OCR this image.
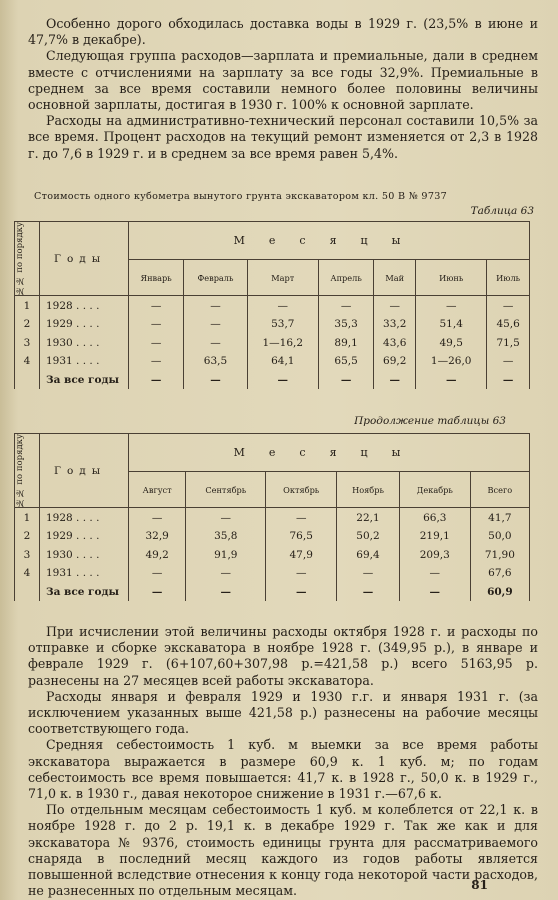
Особенно дорого обходилась доставка воды в 1929 г. (23,5% в июне и 47,7% в декабре).

Следующая группа расходов—зарплата и премиальные, дали в среднем вместе с отчислениями на зарплату за все годы 32,9%. Премиальные в среднем за все время составили немного более половины величины основной зарплаты, достигая в 1930 г. 100% к основной зарплате.

Расходы на административно-технический персонал составили 10,5% за все время. Процент расходов на текущий ремонт изменяется от 2,3 в 1928 г. до 7,6 в 1929 г. и в среднем за все время равен 5,4%.

Стоимость одного кубометра вынутого грунта экскаватором кл. 50 В № 9737
Таблица 63
№№ по порядку	Годы	Месяцы						
		Январь	Февраль	Март	Апрель	Май	Июнь	Июль
1	1928 . . . .	—	—	—	—	—	—	—
2	1929 . . . .	—	—	53,7	35,3	33,2	51,4	45,6
3	1930 . . . .	—	—	1—16,2	89,1	43,6	49,5	71,5
4	1931 . . . .	—	63,5	64,1	65,5	69,2	1—26,0	—
	За все годы	—	—	—	—	—	—	—
Продолжение таблицы 63
№№ по порядку	Годы	Месяцы					
		Август	Сентябрь	Октябрь	Ноябрь	Декабрь	Всего
1	1928 . . . .	—	—	—	22,1	66,3	41,7
2	1929 . . . .	32,9	35,8	76,5	50,2	219,1	50,0
3	1930 . . . .	49,2	91,9	47,9	69,4	209,3	71,90
4	1931 . . . .	—	—	—	—	—	67,6
	За все годы	—	—	—	—	—	60,9

При исчислении этой величины расходы октября 1928 г. и расходы по отправке и сборке экскаватора в ноябре 1928 г. (349,95 р.), в январе и феврале 1929 г. (6+107,60+307,98 р.=421,58 р.) всего 5163,95 р. разнесены на 27 месяцев всей работы экскаватора.

Расходы января и февраля 1929 и 1930 г.г. и января 1931 г. (за исключением указанных выше 421,58 р.) разнесены на рабочие месяцы соответствующего года.

Средняя себестоимость 1 куб. м выемки за все время работы экскаватора выражается в размере 60,9 к. 1 куб. м; по годам себестоимость все время повышается: 41,7 к. в 1928 г., 50,0 к. в 1929 г., 71,0 к. в 1930 г., давая некоторое снижение в 1931 г.—67,6 к.

По отдельным месяцам себестоимость 1 куб. м колеблется от 22,1 к. в ноябре 1928 г. до 2 р. 19,1 к. в декабре 1929 г. Так же как и для экскаватора № 9376, стоимость единицы грунта для рассматриваемого снаряда в последний месяц каждого из годов работы является повышенной вследствие отнесения к концу года некоторой части расходов, не разнесенных по отдельным месяцам.	81
